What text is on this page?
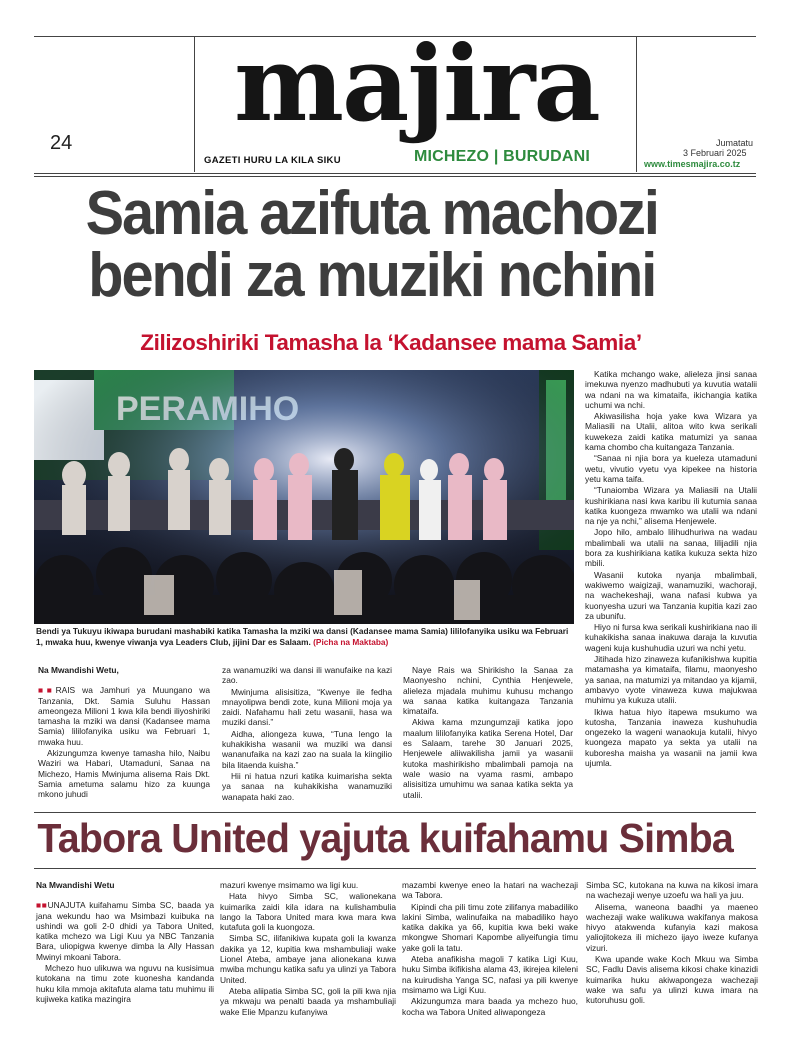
24 majira
GAZETI HURU LA KILA SIKU	MICHEZO | BURUDANI
Jumatatu
3 Februari 2025
www.timesmajira.co.tz
Samia azifuta machozi
bendi za muziki nchini
Zilizoshiriki Tamasha la ‘Kadansee mama Samia’
Bendi ya Tukuyu ikiwapa burudani mashabiki katika Tamasha la mziki wa dansi (Kadansee mama Samia) lililofanyika usiku wa Februari 1, mwaka huu, kwenye viwanja vya Leaders Club, jijini Dar es Salaam. (Picha na Maktaba)

Na Mwandishi Wetu,

■■RAIS wa Jamhuri ya Muungano wa Tanzania, Dkt. Samia Suluhu Hassan ameongeza Milioni 1 kwa kila bendi iliyoshiriki tamasha la mziki wa dansi (Kadansee mama Samia) lililofanyika usiku wa Februari 1, mwaka huu.

Akizungumza kwenye tamasha hilo, Naibu Waziri wa Habari, Utamaduni, Sanaa na Michezo, Hamis Mwinjuma alisema Rais Dkt. Samia ametuma salamu hizo za kuunga mkono juhudi

za wanamuziki wa dansi ili wanufaike na kazi zao.

Mwinjuma alisisitiza, “Kwenye ile fedha mnayolipwa bendi zote, kuna Milioni moja ya zaidi. Nafahamu hali zetu wasanii, hasa wa muziki dansi.”

Aidha, aliongeza kuwa, “Tuna lengo la kuhakikisha wasanii wa muziki wa dansi wananufaika na kazi zao na suala la kiingilio bila litaenda kuisha.”

Hii ni hatua nzuri katika kuimarisha sekta ya sanaa na kuhakikisha wanamuziki wanapata haki zao.

Naye Rais wa Shirikisho la Sanaa za Maonyesho nchini, Cynthia Henjewele, alieleza mjadala muhimu kuhusu mchango wa sanaa katika kuitangaza Tanzania kimataifa.

Akiwa kama mzungumzaji katika jopo maalum lililofanyika katika Serena Hotel, Dar es Salaam, tarehe 30 Januari 2025, Henjewele aliiwakilisha jamii ya wasanii kutoka mashirikisho mbalimbali pamoja na wale wasio na vyama rasmi, ambapo alisisitiza umuhimu wa sanaa katika sekta ya utalii.

Katika mchango wake, alieleza jinsi sanaa imekuwa nyenzo madhubuti ya kuvutia watalii wa ndani na wa kimataifa, ikichangia katika uchumi wa nchi.

Akiwasilisha hoja yake kwa Wizara ya Maliasili na Utalii, alitoa wito kwa serikali kuwekeza zaidi katika matumizi ya sanaa kama chombo cha kuitangaza Tanzania.

“Sanaa ni njia bora ya kueleza utamaduni wetu, vivutio vyetu vya kipekee na historia yetu kama taifa.

“Tunaiomba Wizara ya Maliasili na Utalii kushirikiana nasi kwa karibu ili kutumia sanaa katika kuongeza mwamko wa utalii wa ndani na nje ya nchi,” alisema Henjewele.

Jopo hilo, ambalo lilihudhuriwa na wadau mbalimbali wa utalii na sanaa, lilijadili njia bora za kushirikiana katika kukuza sekta hizo mbili.

Wasanii kutoka nyanja mbalimbali, wakiwemo waigizaji, wanamuziki, wachoraji, na wachekeshaji, wana nafasi kubwa ya kuonyesha uzuri wa Tanzania kupitia kazi zao za ubunifu.

Hiyo ni fursa kwa serikali kushirikiana nao ili kuhakikisha sanaa inakuwa daraja la kuvutia wageni kuja kushuhudia uzuri wa nchi yetu.

Jitihada hizo zinaweza kufanikishwa kupitia matamasha ya kimataifa, filamu, maonyesho ya sanaa, na matumizi ya mitandao ya kijamii, ambavyo vyote vinaweza kuwa majukwaa muhimu ya kukuza utalii.

Ikiwa hatua hiyo itapewa msukumo wa kutosha, Tanzania inaweza kushuhudia ongezeko la wageni wanaokuja kutalii, hivyo kuongeza mapato ya sekta ya utalii na kuboresha maisha ya wasanii na jamii kwa ujumla.

Tabora United yajuta kuifahamu Simba

Na Mwandishi Wetu

■■UNAJUTA kuifahamu Simba SC, baada ya jana wekundu hao wa Msimbazi kuibuka na ushindi wa goli 2-0 dhidi ya Tabora United, katika mchezo wa Ligi Kuu ya NBC Tanzania Bara, uliopigwa kwenye dimba la Ally Hassan Mwinyi mkoani Tabora.

Mchezo huo ulikuwa wa nguvu na kusisimua kutokana na timu zote kuonesha kandanda huku kila mmoja akitafuta alama tatu muhimu ili kujiweka katika mazingira

mazuri kwenye msimamo wa ligi kuu.

Hata hivyo Simba SC, walionekana kuimarika zaidi kila idara na kulishambulia lango la Tabora United mara kwa mara kwa kutafuta goli la kuongoza.

Simba SC, ilifanikiwa kupata goli la kwanza dakika ya 12, kupitia kwa mshambuliaji wake Lionel Ateba, ambaye jana alionekana kuwa mwiba mchungu katika safu ya ulinzi ya Tabora United.

Ateba aliipatia Simba SC, goli la pili kwa njia ya mkwaju wa penalti baada ya mshambuliaji wake Elie Mpanzu kufanyiwa

mazambi kwenye eneo la hatari na wachezaji wa Tabora.

Kipindi cha pili timu zote zilifanya mabadiliko lakini Simba, walinufaika na mabadiliko hayo katika dakika ya 66, kupitia kwa beki wake mkongwe Shomari Kapombe aliyeifungia timu yake goli la tatu.

Ateba anafikisha magoli 7 katika Ligi Kuu, huku Simba ikifikisha alama 43, ikirejea kileleni na kuirudisha Yanga SC, nafasi ya pili kwenye msimamo wa Ligi Kuu.

Akizungumza mara baada ya mchezo huo, kocha wa Tabora United aliwapongeza

Simba SC, kutokana na kuwa na kikosi imara na wachezaji wenye uzoefu wa hali ya juu.

Alisema, waneona baadhi ya maeneo wachezaji wake walikuwa wakifanya makosa hivyo atakwenda kufanyia kazi makosa yaliojitokeza ili michezo ijayo iweze kufanya vizuri.

Kwa upande wake Koch Mkuu wa Simba SC, Fadlu Davis alisema kikosi chake kinazidi kuimarika huku akiwapongeza wachezaji wake wa safu ya ulinzi kuwa imara na kutoruhusu goli.
